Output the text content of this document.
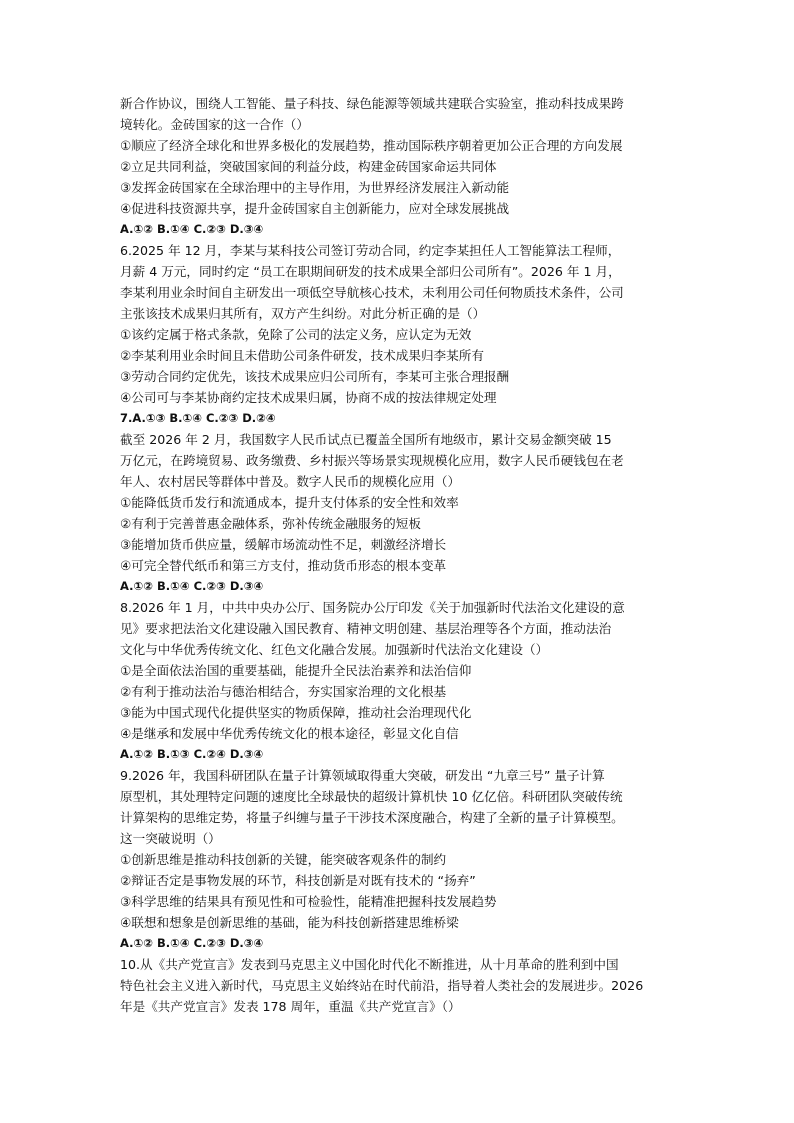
新合作协议，围绕人工智能、量子科技、绿色能源等领域共建联合实验室，推动科技成果跨
境转化。金砖国家的这一合作（）
①顺应了经济全球化和世界多极化的发展趋势，推动国际秩序朝着更加公正合理的方向发展
②立足共同利益，突破国家间的利益分歧，构建金砖国家命运共同体
③发挥金砖国家在全球治理中的主导作用，为世界经济发展注入新动能
④促进科技资源共享，提升金砖国家自主创新能力，应对全球发展挑战
A.①② B.①④ C.②③ D.③④
6.2025 年 12 月，李某与某科技公司签订劳动合同，约定李某担任人工智能算法工程师，
月薪 4 万元，同时约定 “员工在职期间研发的技术成果全部归公司所有”。2026 年 1 月，
李某利用业余时间自主研发出一项低空导航核心技术，未利用公司任何物质技术条件，公司
主张该技术成果归其所有，双方产生纠纷。对此分析正确的是（）
①该约定属于格式条款，免除了公司的法定义务，应认定为无效
②李某利用业余时间且未借助公司条件研发，技术成果归李某所有
③劳动合同约定优先，该技术成果应归公司所有，李某可主张合理报酬
④公司可与李某协商约定技术成果归属，协商不成的按法律规定处理
7.A.①③ B.①④ C.②③ D.②④
截至 2026 年 2 月，我国数字人民币试点已覆盖全国所有地级市，累计交易金额突破 15
万亿元，在跨境贸易、政务缴费、乡村振兴等场景实现规模化应用，数字人民币硬钱包在老
年人、农村居民等群体中普及。数字人民币的规模化应用（）
①能降低货币发行和流通成本，提升支付体系的安全性和效率
②有利于完善普惠金融体系，弥补传统金融服务的短板
③能增加货币供应量，缓解市场流动性不足，刺激经济增长
④可完全替代纸币和第三方支付，推动货币形态的根本变革
A.①② B.①④ C.②③ D.③④
8.2026 年 1 月，中共中央办公厅、国务院办公厅印发《关于加强新时代法治文化建设的意
见》要求把法治文化建设融入国民教育、精神文明创建、基层治理等各个方面，推动法治
文化与中华优秀传统文化、红色文化融合发展。加强新时代法治文化建设（）
①是全面依法治国的重要基础，能提升全民法治素养和法治信仰
②有利于推动法治与德治相结合，夯实国家治理的文化根基
③能为中国式现代化提供坚实的物质保障，推动社会治理现代化
④是继承和发展中华优秀传统文化的根本途径，彰显文化自信
A.①② B.①③ C.②④ D.③④
9.2026 年，我国科研团队在量子计算领域取得重大突破，研发出 “九章三号” 量子计算
原型机，其处理特定问题的速度比全球最快的超级计算机快 10 亿亿倍。科研团队突破传统
计算架构的思维定势，将量子纠缠与量子干涉技术深度融合，构建了全新的量子计算模型。
这一突破说明（）
①创新思维是推动科技创新的关键，能突破客观条件的制约
②辩证否定是事物发展的环节，科技创新是对既有技术的 “扬弃”
③科学思维的结果具有预见性和可检验性，能精准把握科技发展趋势
④联想和想象是创新思维的基础，能为科技创新搭建思维桥梁
A.①② B.①④ C.②③ D.③④
10.从《共产党宣言》发表到马克思主义中国化时代化不断推进，从十月革命的胜利到中国
特色社会主义进入新时代，马克思主义始终站在时代前沿，指导着人类社会的发展进步。2026
年是《共产党宣言》发表 178 周年，重温《共产党宣言》（）
